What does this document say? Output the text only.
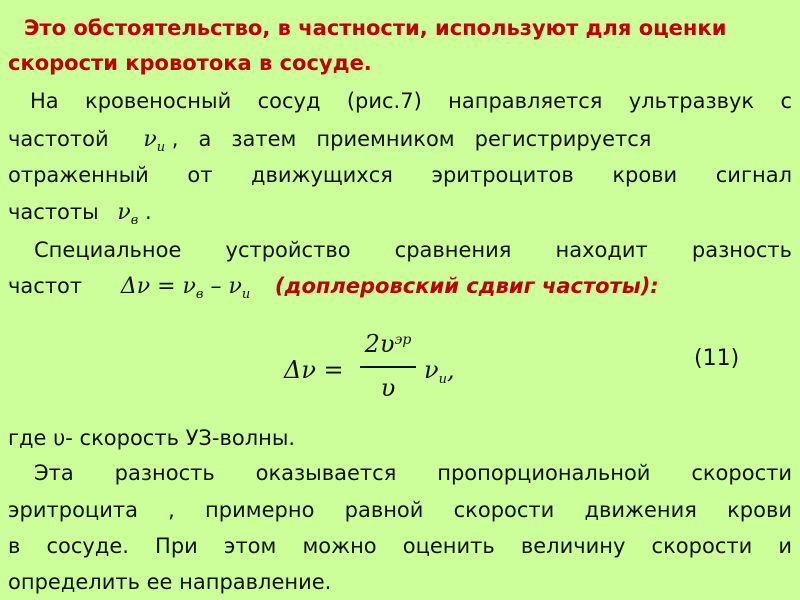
Это обстоятельство, в частности, используют для оценки
скорости кровотока в сосуде.
На кровеносный сосуд (рис.7) направляется ультразвук с
частотой $\nu_и$ ,   а   затем   приемником   регистрируется
отраженный от движущихся эритроцитов крови сигнал
частоты $\nu_в$ .
Специальное устройство сравнения находит разность
частот $\Delta\nu = \nu_в - \nu_и$ (доплеровский сдвиг частоты):
Δν =
$2\upsilon^{эр}$
υ
$\nu_и$,	(11)
где υ- скорость УЗ-волны.
Эта разность оказывается пропорциональной скорости
эритроцита , примерно равной скорости движения крови
в сосуде. При этом можно оценить величину скорости и
определить ее направление.
